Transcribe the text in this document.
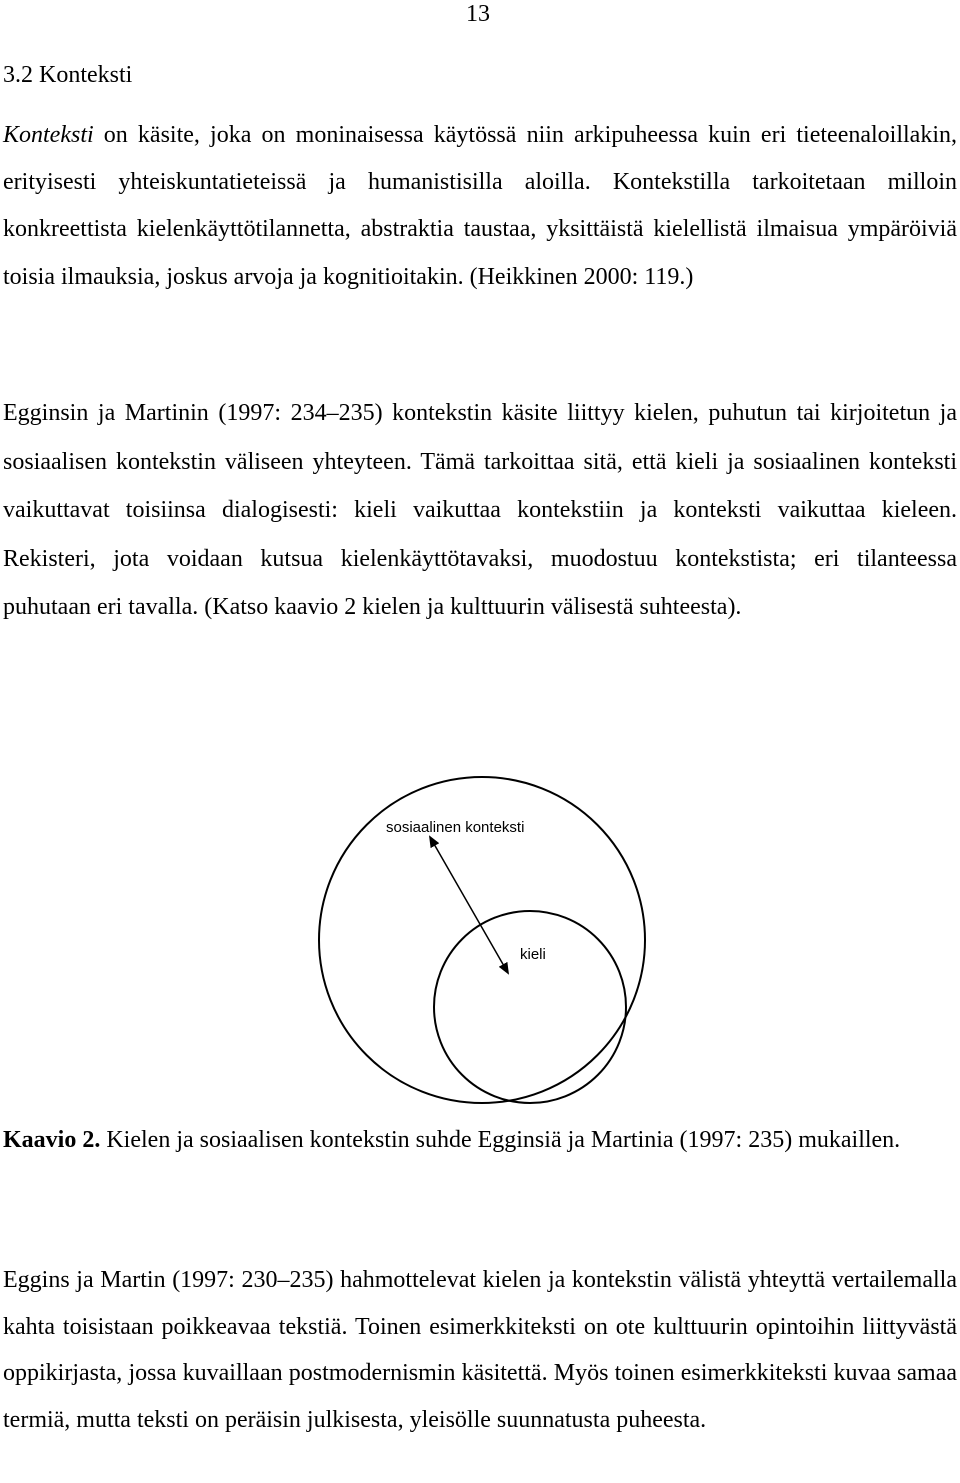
13
3.2 Konteksti
Konteksti on käsite, joka on moninaisessa käytössä niin arkipuheessa kuin eri tieteenaloillakin, erityisesti yhteiskuntatieteissä ja humanistisilla aloilla. Kontekstilla tarkoitetaan milloin konkreettista kielenkäyttötilannetta, abstraktia taustaa, yksittäistä kielellistä ilmaisua ympäröiviä toisia ilmauksia, joskus arvoja ja kognitioitakin. (Heikkinen 2000: 119.)
Egginsin ja Martinin (1997: 234–235) kontekstin käsite liittyy kielen, puhutun tai kirjoitetun ja sosiaalisen kontekstin väliseen yhteyteen. Tämä tarkoittaa sitä, että kieli ja sosiaalinen konteksti vaikuttavat toisiinsa dialogisesti: kieli vaikuttaa kontekstiin ja konteksti vaikuttaa kieleen. Rekisteri, jota voidaan kutsua kielenkäyttötavaksi, muodostuu kontekstista; eri tilanteessa puhutaan eri tavalla. (Katso kaavio 2 kielen ja kulttuurin välisestä suhteesta).
sosiaalinen konteksti
kieli
Kaavio 2. Kielen ja sosiaalisen kontekstin suhde Egginsiä ja Martinia (1997: 235) mukaillen.
Eggins ja Martin (1997: 230–235) hahmottelevat kielen ja kontekstin välistä yhteyttä vertailemalla kahta toisistaan poikkeavaa tekstiä. Toinen esimerkkiteksti on ote kulttuurin opintoihin liittyvästä oppikirjasta, jossa kuvaillaan postmodernismin käsitettä. Myös toinen esimerkkiteksti kuvaa samaa termiä, mutta teksti on peräisin julkisesta, yleisölle suunnatusta puheesta.
